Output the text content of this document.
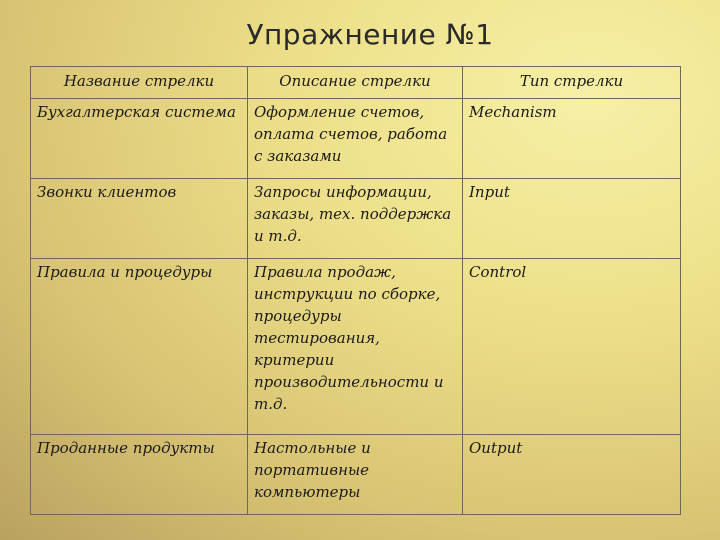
Упражнение №1
Название стрелки	Описание стрелки	Тип стрелки
Бухгалтерская система	Оформление счетов, оплата счетов, работа с заказами	Mechanism
Звонки клиентов	Запросы информации, заказы, тех. поддержка и т.д.	Input
Правила и процедуры	Правила продаж, инструкции по сборке, процедуры тестирования, критерии производительности и т.д.	Control
Проданные продукты	Настольные и портативные компьютеры	Output
